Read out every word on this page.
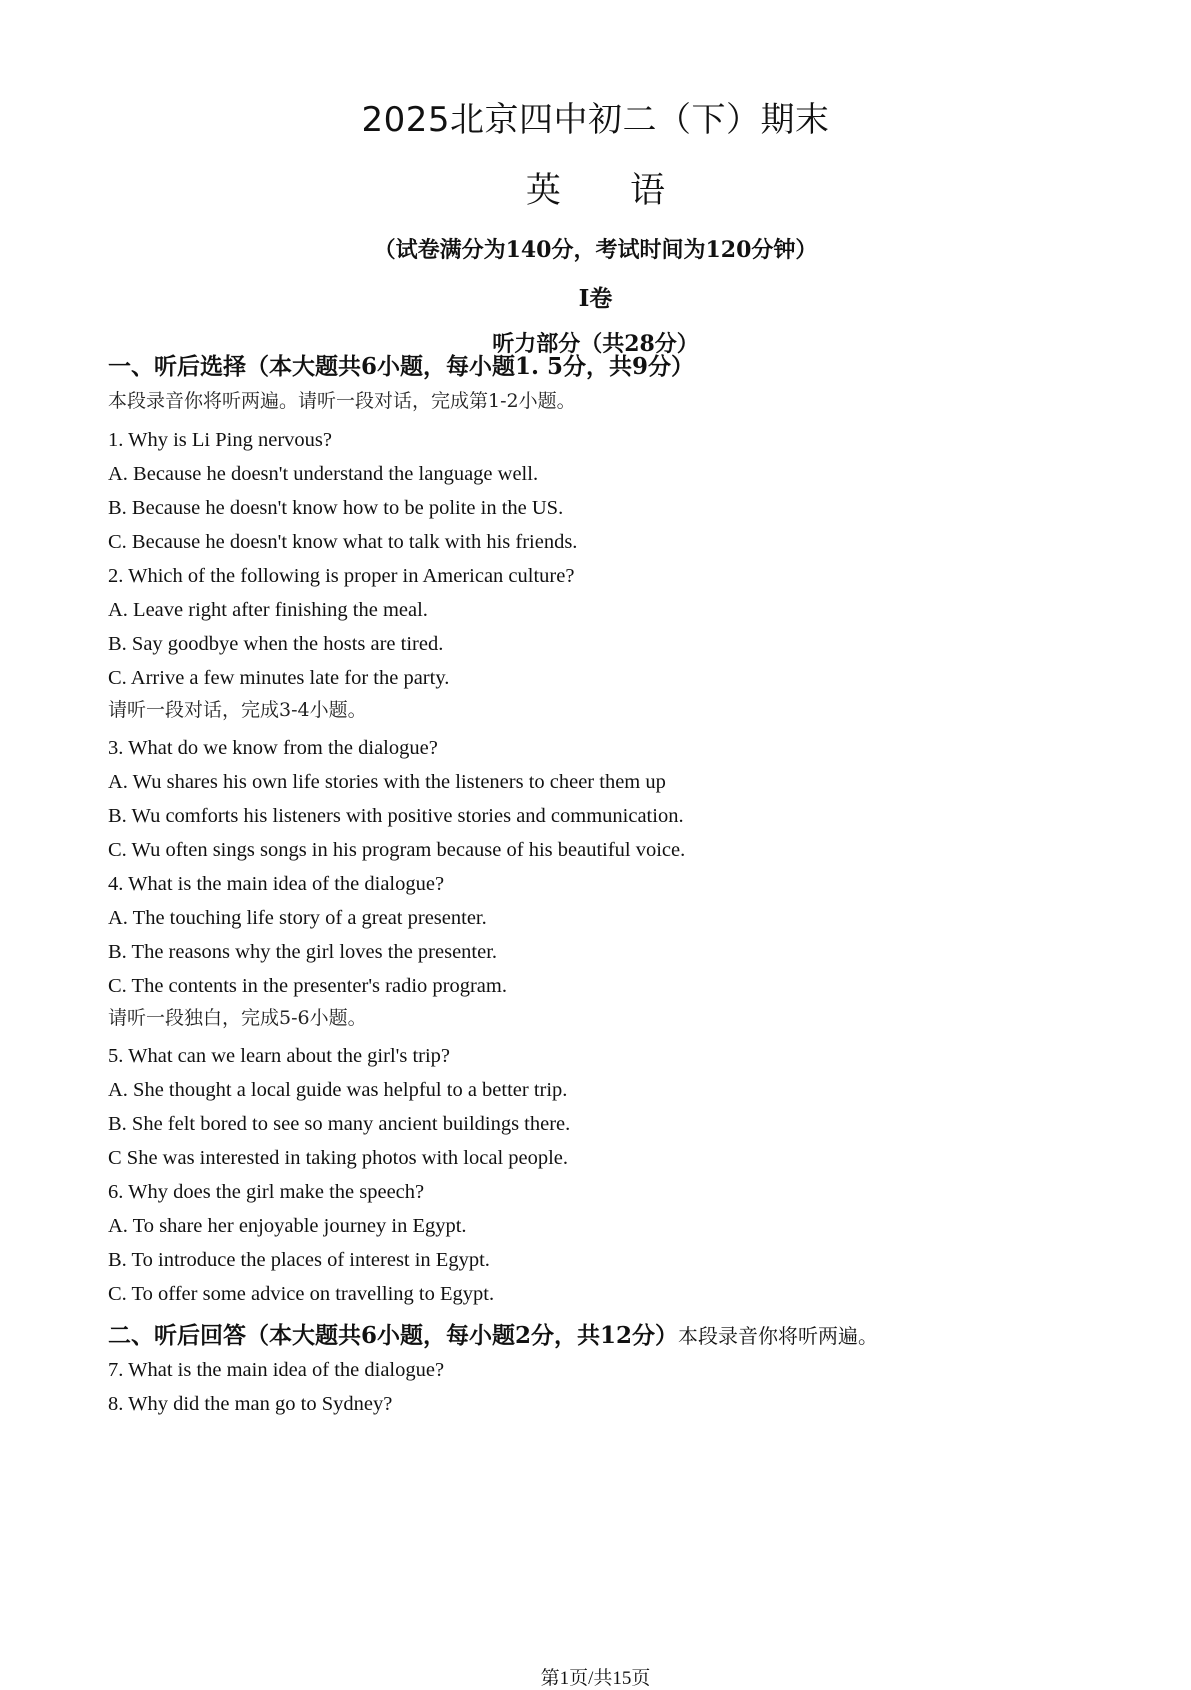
2025北京四中初二（下）期末
英 语
（试卷满分为140分，考试时间为120分钟）
I卷
听力部分（共28分）
一、听后选择（本大题共6小题，每小题1. 5分，共9分）
本段录音你将听两遍。请听一段对话，完成第1-2小题。
1. Why is Li Ping nervous?
A. Because he doesn't understand the language well.
B. Because he doesn't know how to be polite in the US.
C. Because he doesn't know what to talk with his friends.
2. Which of the following is proper in American culture?
A. Leave right after finishing the meal.
B. Say goodbye when the hosts are tired.
C. Arrive a few minutes late for the party.
请听一段对话，完成3-4小题。
3. What do we know from the dialogue?
A. Wu shares his own life stories with the listeners to cheer them up
B. Wu comforts his listeners with positive stories and communication.
C. Wu often sings songs in his program because of his beautiful voice.
4. What is the main idea of the dialogue?
A. The touching life story of a great presenter.
B. The reasons why the girl loves the presenter.
C. The contents in the presenter's radio program.
请听一段独白，完成5-6小题。
5. What can we learn about the girl's trip?
A. She thought a local guide was helpful to a better trip.
B. She felt bored to see so many ancient buildings there.
C She was interested in taking photos with local people.
6. Why does the girl make the speech?
A. To share her enjoyable journey in Egypt.
B. To introduce the places of interest in Egypt.
C. To offer some advice on travelling to Egypt.
二、听后回答（本大题共6小题，每小题2分，共12分）本段录音你将听两遍。
7. What is the main idea of the dialogue?
8. Why did the man go to Sydney?
第1页/共15页
